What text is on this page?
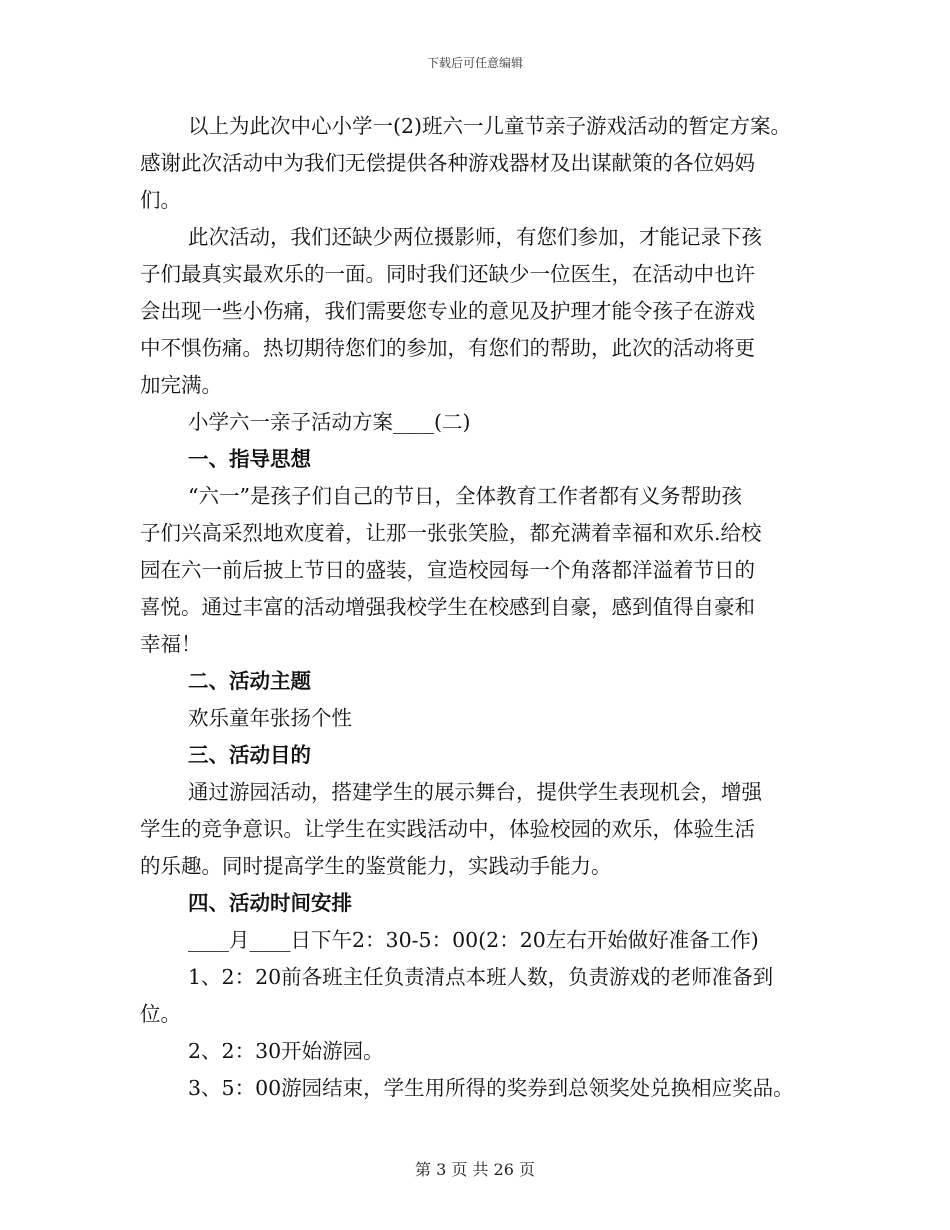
下载后可任意编辑
以上为此次中心小学一(2)班六一儿童节亲子游戏活动的暂定方案。
感谢此次活动中为我们无偿提供各种游戏器材及出谋献策的各位妈妈
们。
此次活动，我们还缺少两位摄影师，有您们参加，才能记录下孩
子们最真实最欢乐的一面。同时我们还缺少一位医生，在活动中也许
会出现一些小伤痛，我们需要您专业的意见及护理才能令孩子在游戏
中不惧伤痛。热切期待您们的参加，有您们的帮助，此次的活动将更
加完满。
小学六一亲子活动方案____(二)
一、指导思想
“六一”是孩子们自己的节日，全体教育工作者都有义务帮助孩
子们兴高采烈地欢度着，让那一张张笑脸，都充满着幸福和欢乐.给校
园在六一前后披上节日的盛装，宣造校园每一个角落都洋溢着节日的
喜悦。通过丰富的活动增强我校学生在校感到自豪，感到值得自豪和
幸福！
二、活动主题
欢乐童年张扬个性
三、活动目的
通过游园活动，搭建学生的展示舞台，提供学生表现机会，增强
学生的竞争意识。让学生在实践活动中，体验校园的欢乐，体验生活
的乐趣。同时提高学生的鉴赏能力，实践动手能力。
四、活动时间安排
____月____日下午2：30-5：00(2：20左右开始做好准备工作)
1、2：20前各班主任负责清点本班人数，负责游戏的老师准备到
位。
2、2：30开始游园。
3、5：00游园结束，学生用所得的奖券到总领奖处兑换相应奖品。
第 3 页 共 26 页
